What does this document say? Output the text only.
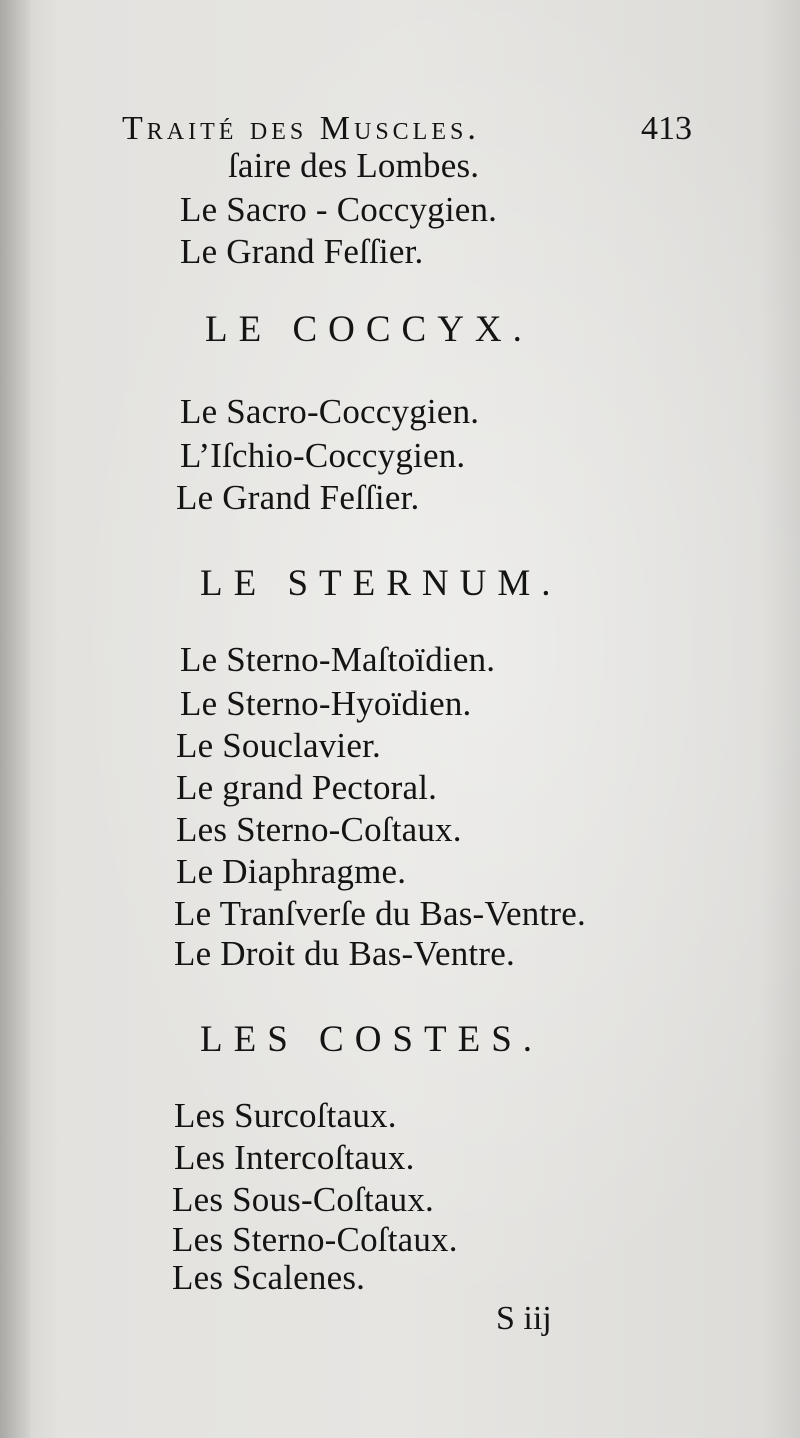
Traité des Muscles.	413
ſaire des Lombes.
Le Sacro - Coccygien.
Le Grand Feſſier.
LE COCCYX.
Le Sacro-Coccygien.
L’Iſchio-Coccygien.
Le Grand Feſſier.
LE STERNUM.
Le Sterno-Maſtoïdien.
Le Sterno-Hyoïdien.
Le Souclavier.
Le grand Pectoral.
Les Sterno-Coſtaux.
Le Diaphragme.
Le Tranſverſe du Bas-Ventre.
Le Droit du Bas-Ventre.
LES COSTES.
Les Surcoſtaux.
Les Intercoſtaux.
Les Sous-Coſtaux.
Les Sterno-Coſtaux.
Les Scalenes.
S iij
